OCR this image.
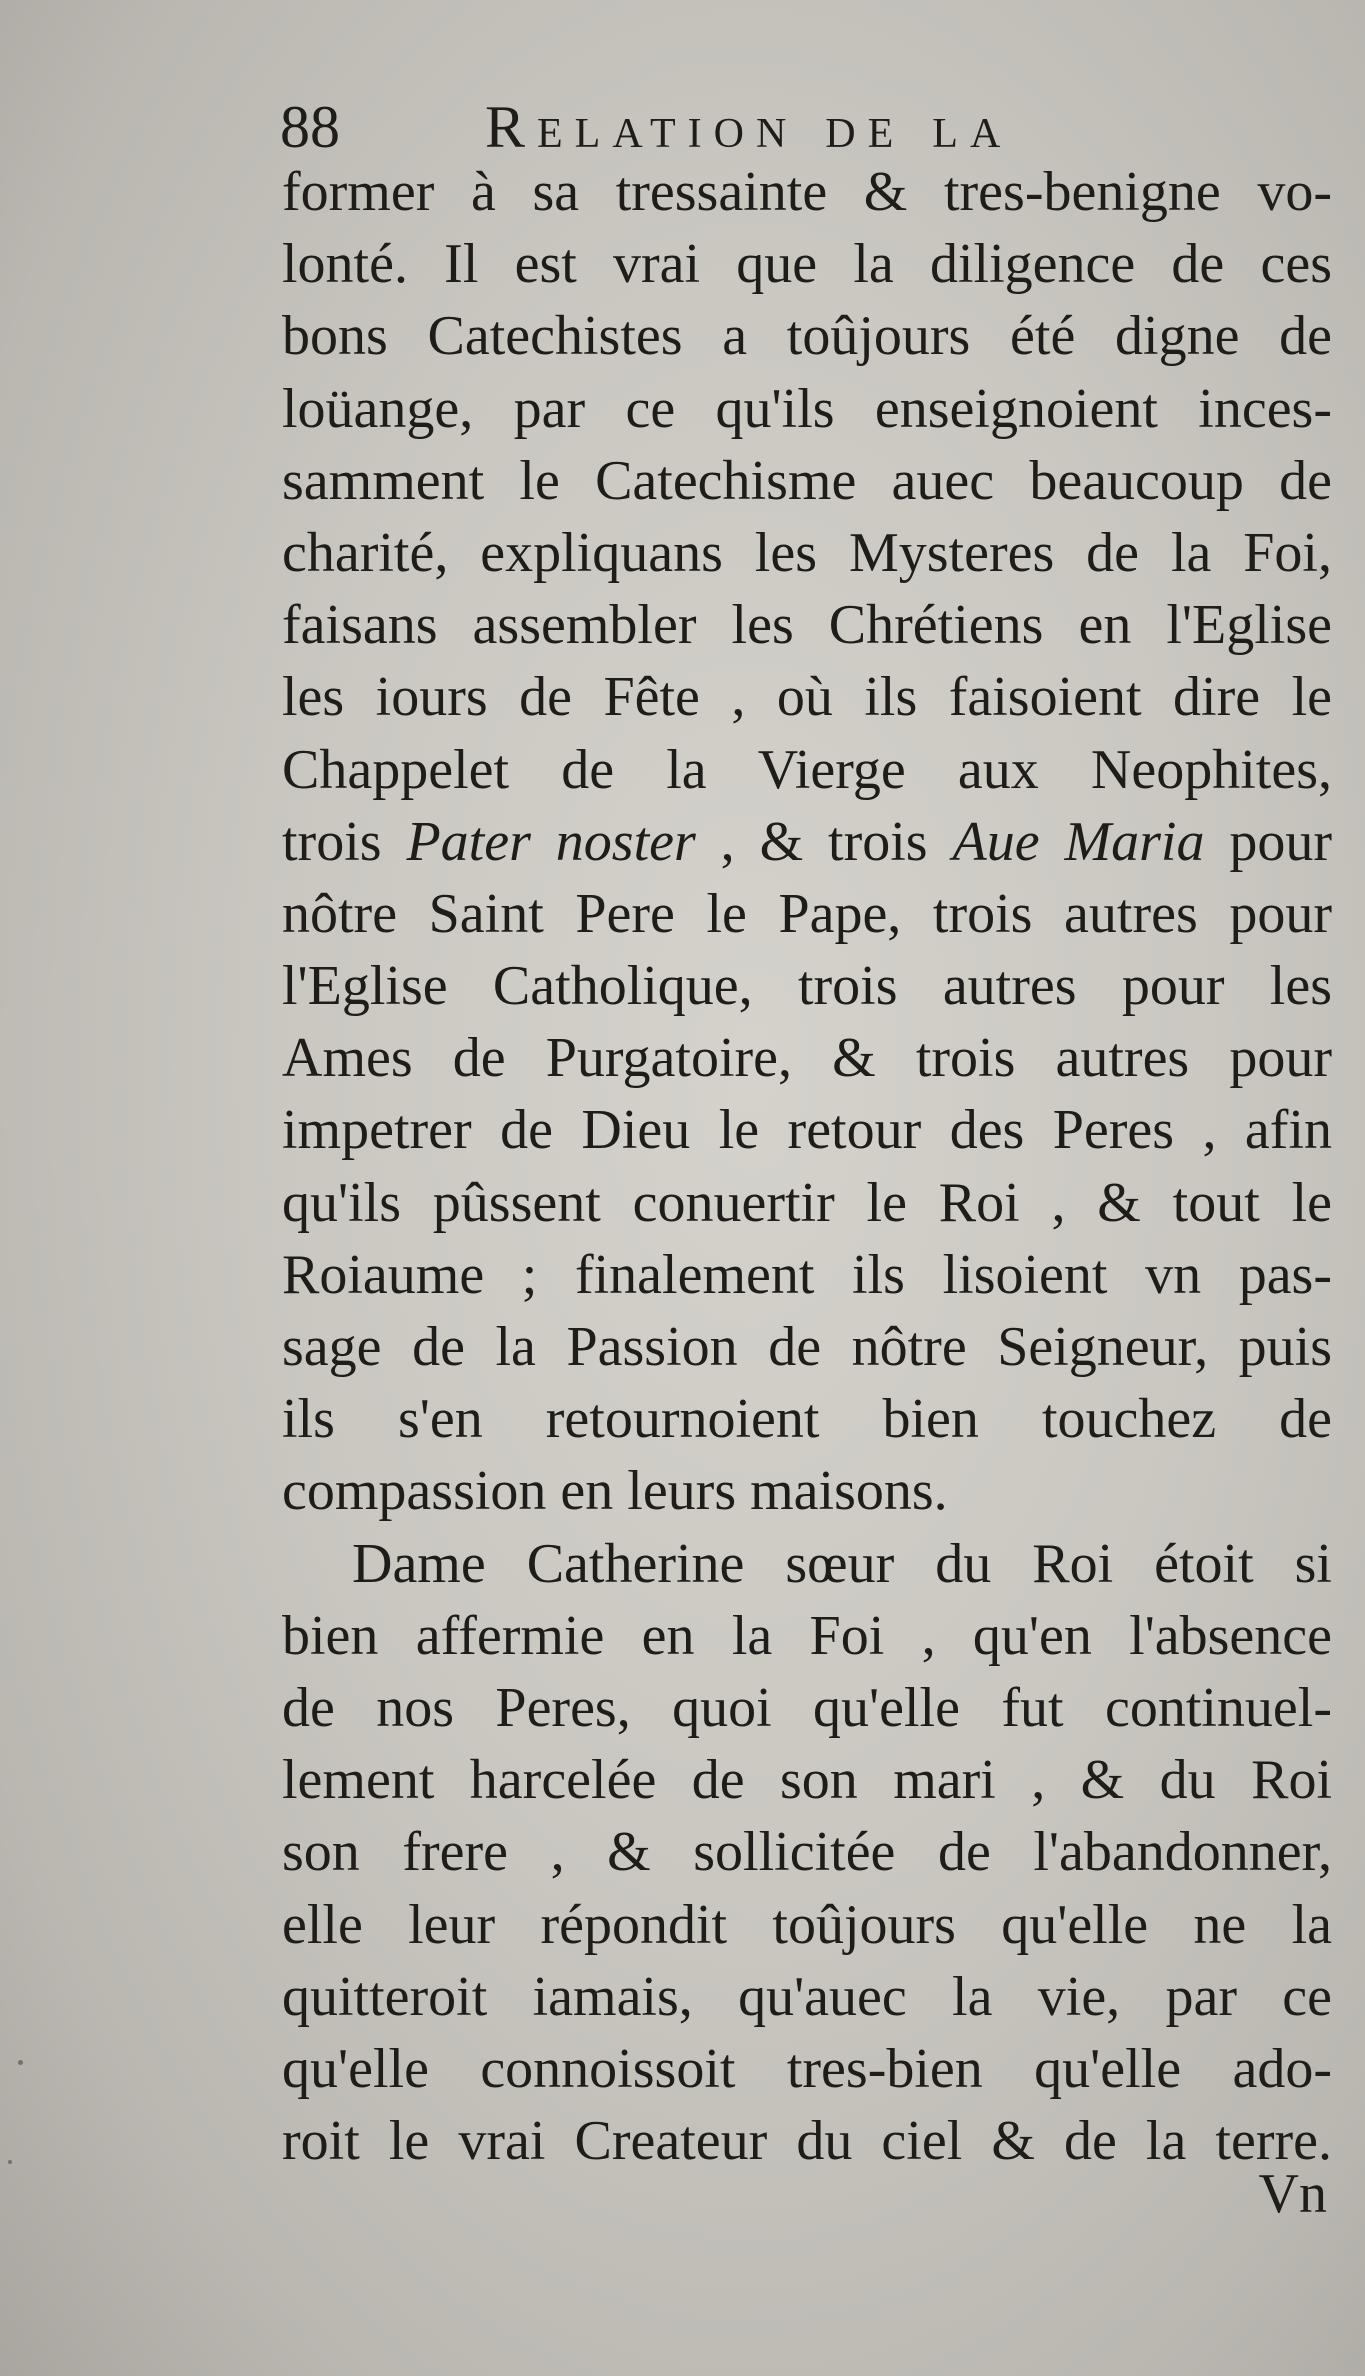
88 Relation de la
former à sa tressainte & tres-benigne vo-
lonté. Il est vrai que la diligence de ces
bons Catechistes a toûjours été digne de
loüange, par ce qu'ils enseignoient inces-
samment le Catechisme auec beaucoup de
charité, expliquans les Mysteres de la Foi,
faisans assembler les Chrétiens en l'Eglise
les iours de Fête , où ils faisoient dire le
Chappelet de la Vierge aux Neophites,
trois Pater noster , & trois Aue Maria pour
nôtre Saint Pere le Pape, trois autres pour
l'Eglise Catholique, trois autres pour les
Ames de Purgatoire, & trois autres pour
impetrer de Dieu le retour des Peres , afin
qu'ils pûssent conuertir le Roi , & tout le
Roiaume ; finalement ils lisoient vn pas-
sage de la Passion de nôtre Seigneur, puis
ils s'en retournoient bien touchez de
compassion en leurs maisons.
Dame Catherine sœur du Roi étoit si
bien affermie en la Foi , qu'en l'absence
de nos Peres, quoi qu'elle fut continuel-
lement harcelée de son mari , & du Roi
son frere , & sollicitée de l'abandonner,
elle leur répondit toûjours qu'elle ne la
quitteroit iamais, qu'auec la vie, par ce
qu'elle connoissoit tres-bien qu'elle ado-
roit le vrai Createur du ciel & de la terre.
Vn
